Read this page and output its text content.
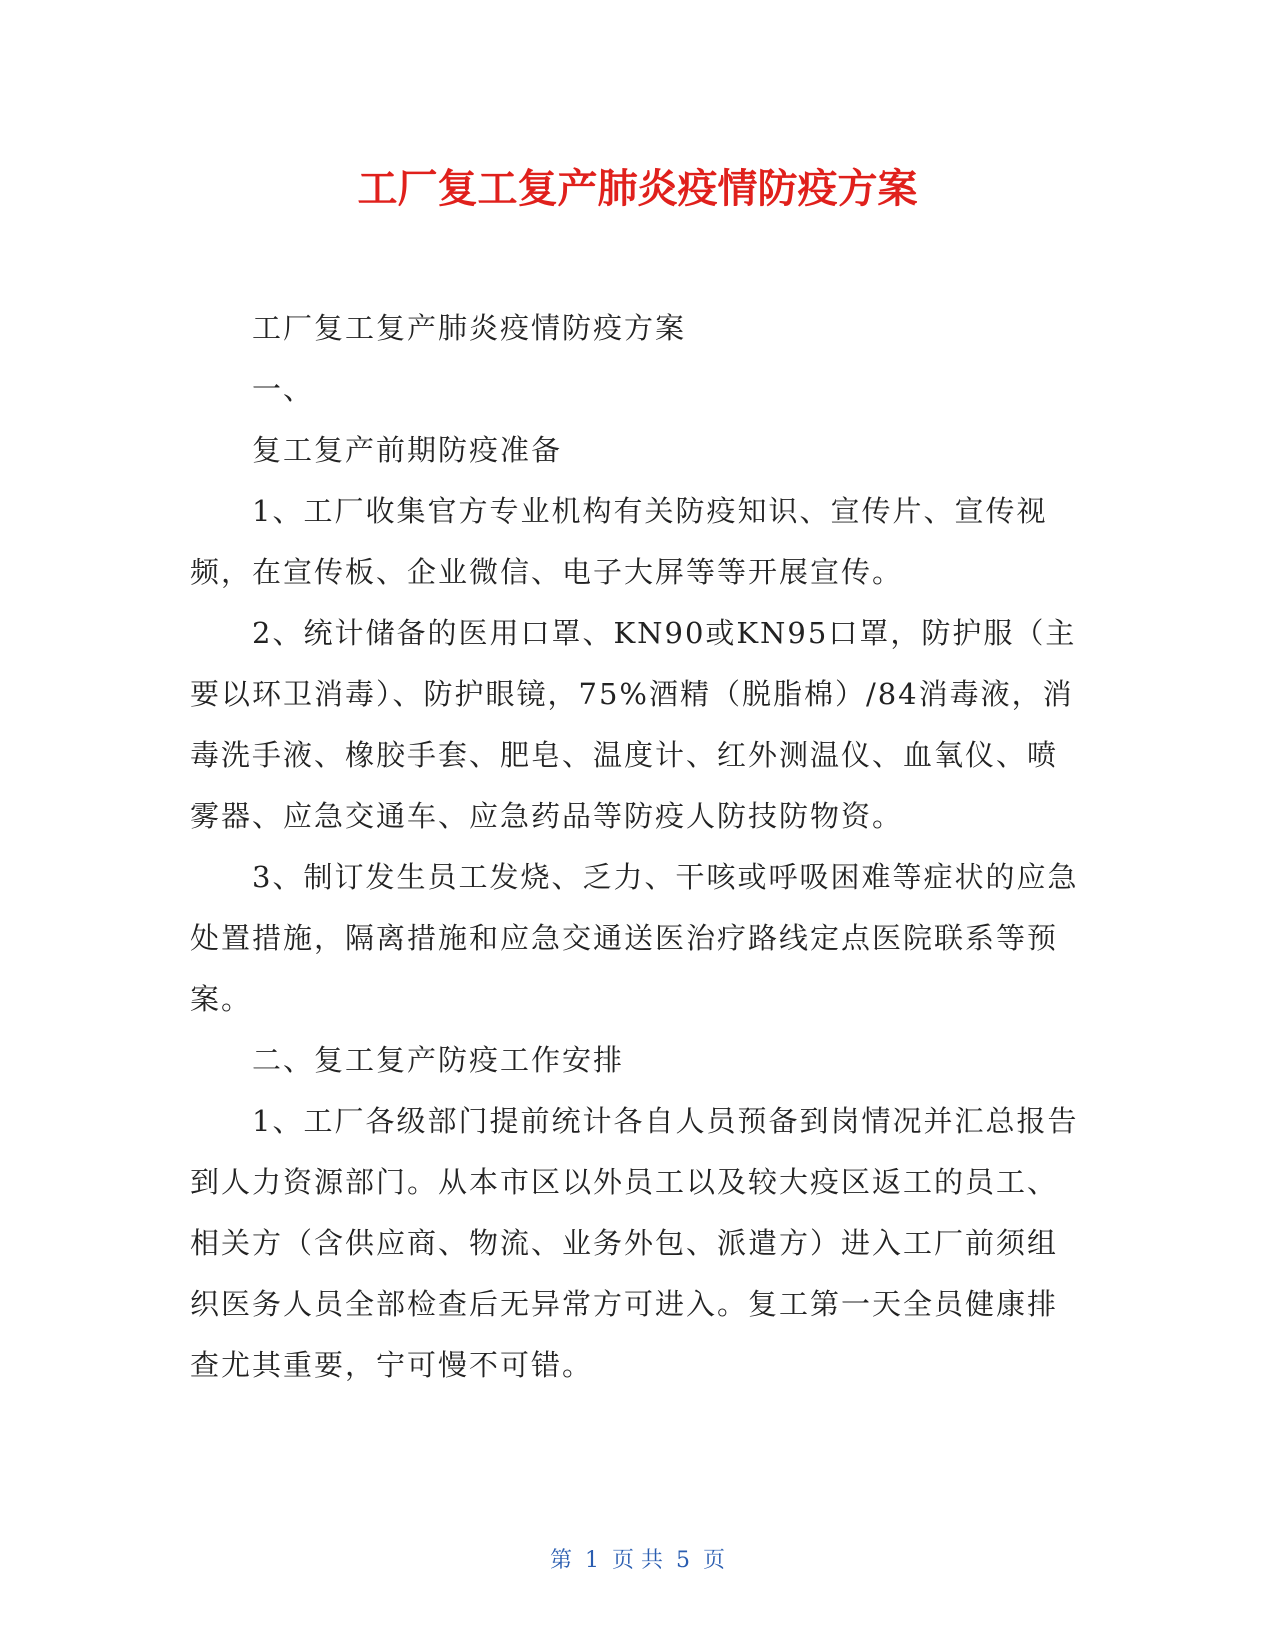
工厂复工复产肺炎疫情防疫方案

工厂复工复产肺炎疫情防疫方案

一、

复工复产前期防疫准备

1、工厂收集官方专业机构有关防疫知识、宣传片、宣传视频，在宣传板、企业微信、电子大屏等等开展宣传。

2、统计储备的医用口罩、KN90或KN95口罩，防护服（主要以环卫消毒）、防护眼镜，75%酒精（脱脂棉）/84消毒液，消毒洗手液、橡胶手套、肥皂、温度计、红外测温仪、血氧仪、喷雾器、应急交通车、应急药品等防疫人防技防物资。

3、制订发生员工发烧、乏力、干咳或呼吸困难等症状的应急处置措施，隔离措施和应急交通送医治疗路线定点医院联系等预案。

二、复工复产防疫工作安排

1、工厂各级部门提前统计各自人员预备到岗情况并汇总报告到人力资源部门。从本市区以外员工以及较大疫区返工的员工、相关方（含供应商、物流、业务外包、派遣方）进入工厂前须组织医务人员全部检查后无异常方可进入。复工第一天全员健康排查尤其重要，宁可慢不可错。

第 1 页 共 5 页
